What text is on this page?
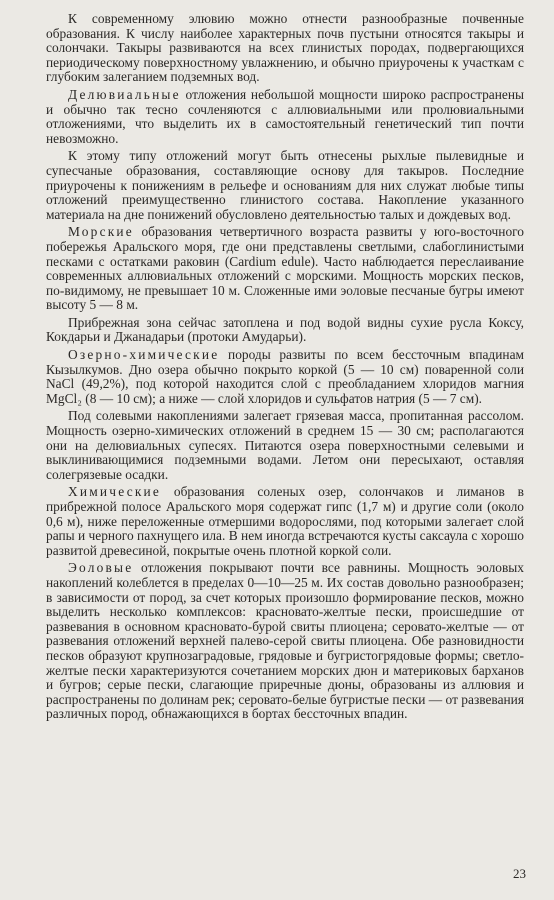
К современному элювию можно отнести разнообразные почвенные образования. К числу наиболее характерных почв пустыни относятся такыры и солончаки. Такыры развиваются на всех глинистых породах, подвергающихся периодическому поверхностному увлажнению, и обычно приурочены к участкам с глубоким залеганием подземных вод.

Делювиальные отложения небольшой мощности широко распространены и обычно так тесно сочленяются с аллювиальными или пролювиальными отложениями, что выделить их в самостоятельный генетический тип почти невозможно.

К этому типу отложений могут быть отнесены рыхлые пылевидные и супесчаные образования, составляющие основу для такыров. Последние приурочены к понижениям в рельефе и основаниям для них служат любые типы отложений преимущественно глинистого состава. Накопление указанного материала на дне понижений обусловлено деятельностью талых и дождевых вод.

Морские образования четвертичного возраста развиты у юго-восточного побережья Аральского моря, где они представлены светлыми, слабоглинистыми песками с остатками раковин (Cardium edule). Часто наблюдается переслаивание современных аллювиальных отложений с морскими. Мощность морских песков, по-видимому, не превышает 10 м. Сложенные ими эоловые песчаные бугры имеют высоту 5 — 8 м.

Прибрежная зона сейчас затоплена и под водой видны сухие русла Коксу, Кокдарьи и Джанадарьи (протоки Амударьи).

Озерно-химические породы развиты по всем бессточным впадинам Кызылкумов. Дно озера обычно покрыто коркой (5 — 10 см) поваренной соли NaCl (49,2%), под которой находится слой с преобладанием хлоридов магния MgCl₂ (8 — 10 см); а ниже — слой хлоридов и сульфатов натрия (5 — 7 см).

Под солевыми накоплениями залегает грязевая масса, пропитанная рассолом. Мощность озерно-химических отложений в среднем 15 — 30 см; располагаются они на делювиальных супесях. Питаются озера поверхностными селевыми и выклинивающимися подземными водами. Летом они пересыхают, оставляя солегрязевые осадки.

Химические образования соленых озер, солончаков и лиманов в прибрежной полосе Аральского моря содержат гипс (1,7 м) и другие соли (около 0,6 м), ниже переложенные отмершими водорослями, под которыми залегает слой рапы и черного пахнущего ила. В нем иногда встречаются кусты саксаула с хорошо развитой древесиной, покрытые очень плотной коркой соли.

Эоловые отложения покрывают почти все равнины. Мощность эоловых накоплений колеблется в пределах 0—10—25 м. Их состав довольно разнообразен; в зависимости от пород, за счет которых произошло формирование песков, можно выделить несколько комплексов: красновато-желтые пески, происшедшие от развевания в основном красновато-бурой свиты плиоцена; серовато-желтые — от развевания отложений верхней палево-серой свиты плиоцена. Обе разновидности песков образуют крупнозаградовые, грядовые и бугристогрядовые формы; светло-желтые пески характеризуются сочетанием морских дюн и материковых барханов и бугров; серые пески, слагающие приречные дюны, образованы из аллювия и распространены по долинам рек; серовато-белые бугристые пески — от развевания различных пород, обнажающихся в бортах бессточных впадин.

23
